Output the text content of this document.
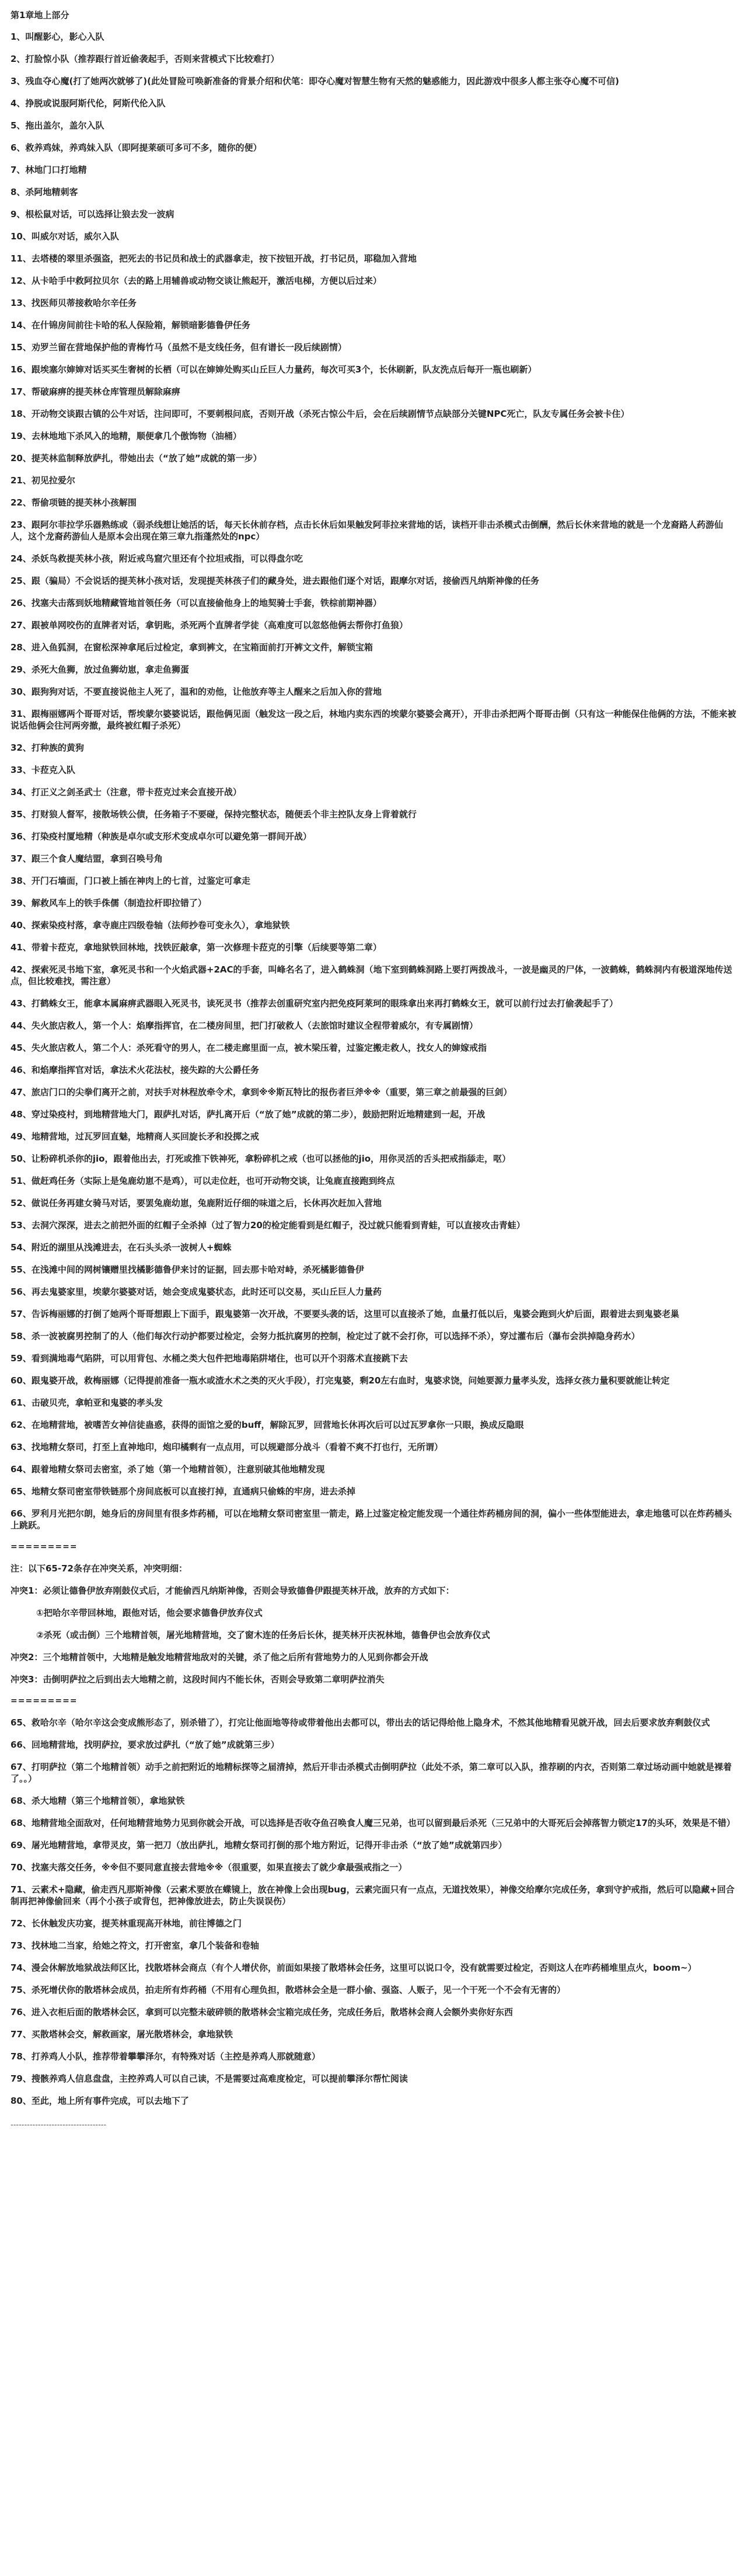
第1章地上部分
1、叫醒影心，影心入队
2、打脸惊小队（推荐跟行首近偷袭起手，否则来营模式下比较难打）
3、残血夺心魔(打了她两次就够了)(此处冒险可唤新准备的背景介绍和伏笔：即夺心魔对智慧生物有天然的魅惑能力，因此游戏中很多人都主张夺心魔不可信)
4、挣脱或说服阿斯代伦，阿斯代伦入队
5、拖出盖尔，盖尔入队
6、救养鸡妹，养鸡妹入队（即阿提莱硕可多可不多，随你的便）
7、林地门口打地精
8、杀阿地精刺客
9、根松鼠对话，可以选择让狼去发一波病
10、叫威尔对话，威尔入队
11、去塔楼的翠里杀强盗，把死去的书记员和战士的武器拿走，按下按钮开战，打书记员，耶稳加入营地
12、从卡哈手中救阿拉贝尔（去的路上用辅兽或动物交谈让熊起开，激活电梯，方便以后过来）
13、找医师贝蒂接救哈尔辛任务
14、在什锦房间前往卡哈的私人保险箱，解锁暗影德鲁伊任务
15、劝罗兰留在营地保护他的青梅竹马（虽然不是支线任务，但有谱长一段后续剧情）
16、跟埃塞尔婶婶对话买买生奢树的长栖（可以在婶婶处购买山丘巨人力量药，每次可买3个，长休刷新，队友洗点后每开一瓶也刷新）
17、帮破麻痹的提芙林仓库管理员解除麻痹
18、开动物交谈跟古镇的公牛对话，注问即可，不要刺根问底，否则开战（杀死古惊公牛后，会在后续剧情节点缺部分关键NPC死亡，队友专属任务会被卡住）
19、去林地地下杀风入的地精，顺便拿几个傲饰物（油桶）
20、提芙林监制释放萨扎，带她出去（“放了她”成就的第一步）
21、初见拉爱尔
22、帮偷项链的提芙林小孩解围
23、跟阿尔菲拉学乐器熟练或（弱杀线想让她活的话，每天长休前存档，点击长休后如果触发阿菲拉来营地的话，读档开非击杀模式击倒酬，然后长休来营地的就是一个龙裔路人药游仙人，这个龙裔药游仙人是原本会出现在第三章九指蓬然处的npc）
24、杀妖鸟救提芙林小孩，附近戒鸟窟穴里还有个拉坦戒指，可以得盘尔吃
25、跟（骗局）不会说话的提芙林小孩对话，发现提芙林孩子们的藏身处，进去跟他们逐个对话，跟摩尔对话，接偷西凡纳斯神像的任务
26、找塞夫击落到妖地精藏管地首领任务（可以直接偷他身上的地契骑士手套，铁棕前期神器）
27、跟被单网咬伤的直牌者对话，拿钥匙，杀死两个直牌者学徒（高难度可以忽悠他俩去帮你打鱼狼）
28、进入鱼狐洞，在窗松深神拿尾后过检定，拿到裤文，在宝箱面前打开裤文文件，解锁宝箱
29、杀死大鱼狮，放过鱼狮幼崽，拿走鱼狮蛋
30、跟狗狗对话，不要直接说他主人死了，温和的劝他，让他放弃等主人醒来之后加入你的营地
31、跟梅丽娜两个哥哥对话，帮埃蒙尔婆婆说话，跟他俩见面（触发这一段之后，林地内卖东西的埃蒙尔婆婆会离开），开非击杀把两个哥哥击倒（只有这一种能保住他俩的方法，不能来被说话他俩会往河两旁撤，最终被红帽子杀死）
32、打种族的黄狗
33、卡菈克入队
34、打正义之剑圣武士（注意，带卡菈克过来会直接开战）
35、打财狼人督军，接散场铁公债，任务箱子不要碰，保持完整状态，随便丢个非主控队友身上背着就行
36、打染疫村厦地精（种族是卓尔或支形术变成卓尔可以避免第一群间开战）
37、跟三个食人魔结盟，拿到召唤号角
38、开门石墙面，门口被上插在神肉上的七首，过鉴定可拿走
39、解救风车上的铁手侏儒（制造拉杆即拉错了）
40、探索染疫村落，拿寺鹿庄四级卷轴（法师抄卷可变永久），拿地狱铁
41、带着卡菈克，拿地狱铁回林地，找铁匠敲拿，第一次修理卡菈克的引擎（后续要等第二章）
42、探索死灵书地下室，拿死灵书和一个火焰武器+2AC的手套，叫峰名名了，进入鹤蛛洞（地下室到鹤蛛洞路上要打两拨战斗，一波是幽灵的尸体，一波鹤蛛，鹤蛛洞内有极道深地传送点，但比较难找，需注意）
43、打鹤蛛女王，能拿本属麻痹武器眼入死灵书，读死灵书（推荐去创重研究室内把免疫阿莱珂的眼珠拿出来再打鹤蛛女王，就可以前行过去打偷袭起手了）
44、失火旅店救人，第一个人：焰摩指挥官，在二楼房间里，把门打破救人（去旅馆时建议全程带着威尔，有专属剧情）
45、失火旅店救人，第二个人：杀死看守的男人，在二楼走廊里面一点，被木梁压着，过鉴定搬走救人，找女人的婶嫁戒指
46、和焰摩指挥官对话，拿法术火花法杖，接失踪的大公爵任务
47、旅店门口的尖拳们离开之前，对扶手对林程放牵令术，拿到※※斯瓦特比的报伤者巨斧※※（重要，第三章之前最强的巨剑）
48、穿过染疫村，到地精营地大门，跟萨扎对话，萨扎离开后（“放了她”成就的第二步），鼓励把附近地精建到一起，开战
49、地精营地，过瓦罗回直魅，地精商人买回旋长矛和投掷之戒
50、让粉碎机杀你的jio，跟着他出去，打死或推下铁神死，拿粉碎机之戒（也可以拯他的jio，用你灵活的舌头把戒指舔走，呕）
51、做赶鸡任务（实际上是兔鹿幼崽不是鸡），可以走位赶，也可开动物交谈，让兔鹿直接跑到终点
52、做说任务再建女骑马对话，要罢兔鹿幼崽，兔鹿附近仔细的味道之后，长休再次赶加入营地
53、去洞穴深深，进去之前把外面的红帽子全杀掉（过了智力20的检定能看到是红帽子，没过就只能看到青蛙，可以直接攻击青蛙）
54、附近的湖里从浅滩进去，在石头头杀一波树人+蜘蛛
55、在浅滩中间的网树镶赠里找橘影德鲁伊来讨的证据，回去那卡哈对峙，杀死橘影德鲁伊
56、再去鬼婆家里，埃蒙尔婆婆对话，她会变成鬼婆状态，此时还可以交易，买山丘巨人力量药
57、告诉梅丽娜的打倒了她两个哥哥想跟上下面手，跟鬼婆第一次开战，不要要头袭的话，这里可以直接杀了她，血量打低以后，鬼婆会跑到火炉后面，跟着进去到鬼婆老巢
58、杀一波被腐男控制了的人（他们每次行动护都要过检定，会努力抵抗腐男的控制，检定过了就不会打你，可以选择不杀），穿过灌布后（瀑布会洪掉隐身药水）
59、看到满地毒气陷阱，可以用背包、水桶之类大包件把地毒陷阱堵住，也可以开个羽落术直接跳下去
60、跟鬼婆开战，救梅丽娜（记得提前准备一瓶水或渣水术之类的灭火手段），打完鬼婆，剩20左右血时，鬼婆求饶，问她要源力量孝头发，选择女孩力量积要就能让转定
61、击破贝壳，拿帕亚和鬼婆的孝头发
62、在地精营地，被嗜苦女神信徒蛊惑，获得的面馆之爱的buff，解除瓦罗，回营地长休再次后可以过瓦罗拿你一只眼，换成反隐眼
63、找地精女祭司，打至上直神地印，炮印橘剩有一点点用，可以规避部分战斗（看着不爽不打也行，无所谓）
64、跟着地精女祭司去密室，杀了她（第一个地精首领），注意别破其他地精发现
65、地精女祭司密室带铁链那个房间底板可以直接打掉，直通病只偷蛛的牢房，进去杀掉
66、罗利月光把尔朗，她身后的房间里有很多炸药桶，可以在地精女祭司密室里一箭走，路上过鉴定检定能发现一个通往炸药桶房间的洞，偏小一些体型能进去，拿走地毯可以在炸药桶头上跳跃。
=========
注：以下65-72条存在冲突关系，冲突明细：
冲突1：必须让德鲁伊放弃刚鼓仪式后，才能偷西凡纳斯神像，否则会导致德鲁伊跟提芙林开战，放弃的方式如下：
①把哈尔辛带回林地，跟他对话，他会要求德鲁伊放弃仪式
②杀死（或击倒）三个地精首领，屠光地精营地，交了窗木连的任务后长休，提芙林开庆祝林地，德鲁伊也会放弃仪式
冲突2：三个地精首领中，大地精是触发地精营地敌对的关键，杀了他之后所有营地势力的人见到你都会开战
冲突3：击倒明萨拉之后到出去大地精之前，这段时间内不能长休，否则会导致第二章明萨拉消失
=========
65、救哈尔辛（哈尔辛这会变成熊形态了，别杀错了），打完让他面地等待或带着他出去都可以，带出去的话记得给他上隐身术，不然其他地精看见就开战，回去后要求放弃剩鼓仪式
66、回地精营地，找明萨拉，要求放过萨扎（“放了她”成就第三步）
67、打明萨拉（第二个地精首领）动手之前把附近的地精标探等之届清掉，然后开非击杀模式击倒明萨拉（此处不杀，第二章可以入队，推荐刷的内衣，否则第二章过场动画中她就是裸着了。。）
68、杀大地精（第三个地精首领），拿地狱铁
68、地精营地全面敌对，任何地精营地势力见到你就会开战，可以选择是否收夺鱼召唤食人魔三兄弟，也可以留到最后杀死（三兄弟中的大哥死后会掉落智力锁定17的头环，效果是不错）
69、屠光地精营地，拿带灵皮，第一把刀（放出萨扎，地精女祭司打倒的那个地方附近，记得开非击杀（“放了她”成就第四步）
70、找塞夫落交任务，※※但不要同意直接去营地※※（很重要，如果直接去了就少拿最强戒指之一）
71、云素术+隐藏，偷走西凡那斯神像（云素术要放在蝶镜上，放在神像上会出现bug，云素完面只有一点点，无道找效果），神像交给摩尔完成任务，拿到守护戒指，然后可以隐藏+回合制再把神像偷回来（再个小孩子或背包，把神像放进去，防止失误误伤）
72、长休触发庆功宴，提芙林重现高开林地，前往博德之门
73、找林地二当家，给她之符文，打开密室，拿几个装备和卷轴
74、漫会休解放地狱战法师区比，找散塔林会商点（有个人增伏你，前面如果接了散塔林会任务，这里可以说口令，没有就需要过检定，否则这人在咋药桶堆里点火，boom~）
75、杀死增伏你的散塔林会成员，拍走所有炸药桶（不用有心理负担，散塔林会全是一群小偷、强盗、人贩子，见一个干死一个不会有无害的）
76、进入衣柜后面的散塔林会区，拿到可以完整未破碎锁的散塔林会宝箱完成任务，完成任务后，散塔林会商人会额外卖你好东西
77、买散塔林会交，解救画家，屠光散塔林会，拿地狱铁
78、打养鸡人小队，推荐带着攀攀泽尔，有特殊对话（主控是养鸡人那就随意）
79、搜骸养鸡人信息盘盘，主控养鸡人可以自己读，不是需要过高难度检定，可以提前攀泽尔帮忙阅读
80、至此，地上所有事件完成，可以去地下了
-----------------------------------
